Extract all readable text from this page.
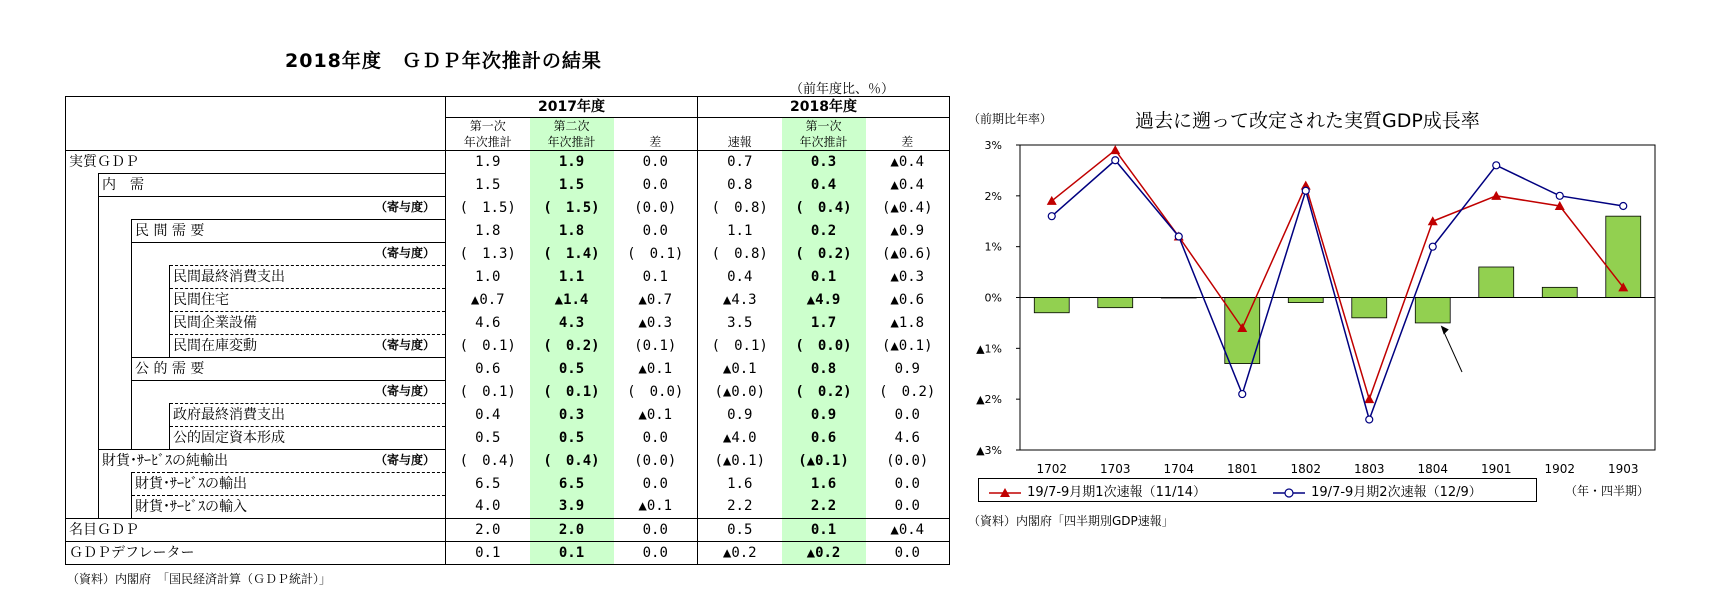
2018年度　ＧＤＰ年次推計の結果
（前年度比、％）
				2017年度			2018年度		
				第一次	第二次			第一次	
				年次推計	年次推計	差	速報	年次推計	差
実質ＧＤＰ				1.9	1.9	0.0	0.7	0.3	▲0.4
	内　需			1.5	1.5	0.0	0.8	0.4	▲0.4

	（寄与度）			(　1.5)	(　1.5)	(0.0)	(　0.8)	(　0.4)	(▲0.4)
		民 間 需 要		1.8	1.8	0.0	1.1	0.2	▲0.9

		（寄与度）		(　1.3)	(　1.4)	(　0.1)	(　0.8)	(　0.2)	(▲0.6)
			民間最終消費支出	1.0	1.1	0.1	0.4	0.1	▲0.3
			民間住宅	▲0.7	▲1.4	▲0.7	▲4.3	▲4.9	▲0.6
			民間企業設備	4.6	4.3	▲0.3	3.5	1.7	▲1.8
			民間在庫変動 （寄与度）	(　0.1)	(　0.2)	(0.1)	(　0.1)	(　0.0)	(▲0.1)
		公 的 需 要		0.6	0.5	▲0.1	▲0.1	0.8	0.9

		（寄与度）		(　0.1)	(　0.1)	(　0.0)	(▲0.0)	(　0.2)	(　0.2)
			政府最終消費支出	0.4	0.3	▲0.1	0.9	0.9	0.0
			公的固定資本形成	0.5	0.5	0.0	▲4.0	0.6	4.6
	財貨･ｻｰﾋﾞｽの純輸出 （寄与度）			(　0.4)	(　0.4)	(0.0)	(▲0.1)	(▲0.1)	(0.0)
		財貨･ｻｰﾋﾞｽの輸出		6.5	6.5	0.0	1.6	1.6	0.0
		財貨･ｻｰﾋﾞｽの輸入		4.0	3.9	▲0.1	2.2	2.2	0.0
名目ＧＤＰ				2.0	2.0	0.0	0.5	0.1	▲0.4
ＧＤＰデフレーター				0.1	0.1	0.0	▲0.2	▲0.2	0.0
（資料）内閣府　「国民経済計算（ＧＤＰ統計）」
過去に遡って改定された実質GDP成長率
（前期比年率）
3%
2%
1%
0%
▲1%
▲2%
▲3%
1702	1703	1704	1801	1802	1803	1804	1901	1902	1903
19/7-9月期1次速報（11/14）	19/7-9月期2次速報（12/9）	（年・四半期）
（資料）内閣府「四半期別GDP速報」
